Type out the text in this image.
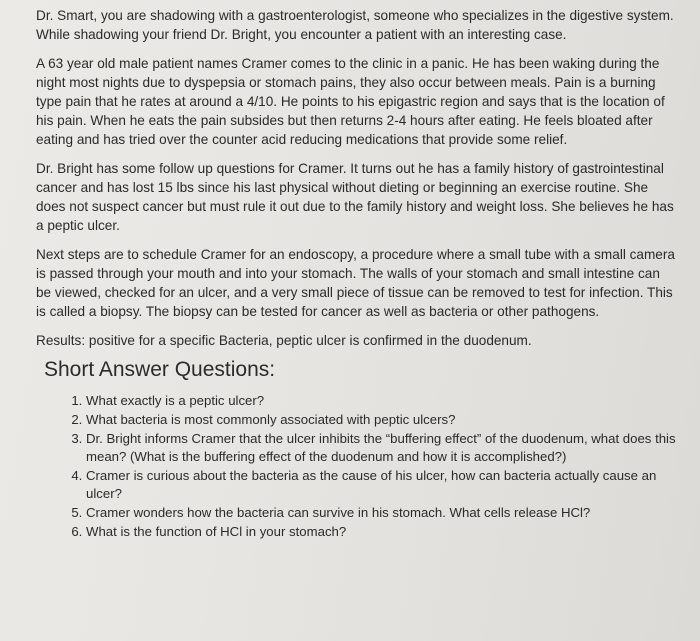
Dr. Smart, you are shadowing with a gastroenterologist, someone who specializes in the digestive system. While shadowing your friend Dr. Bright, you encounter a patient with an interesting case.

A 63 year old male patient names Cramer comes to the clinic in a panic. He has been waking during the night most nights due to dyspepsia or stomach pains, they also occur between meals. Pain is a burning type pain that he rates at around a 4/10. He points to his epigastric region and says that is the location of his pain. When he eats the pain subsides but then returns 2-4 hours after eating. He feels bloated after eating and has tried over the counter acid reducing medications that provide some relief.

Dr. Bright has some follow up questions for Cramer. It turns out he has a family history of gastrointestinal cancer and has lost 15 lbs since his last physical without dieting or beginning an exercise routine. She does not suspect cancer but must rule it out due to the family history and weight loss. She believes he has a peptic ulcer.

Next steps are to schedule Cramer for an endoscopy, a procedure where a small tube with a small camera is passed through your mouth and into your stomach. The walls of your stomach and small intestine can be viewed, checked for an ulcer, and a very small piece of tissue can be removed to test for infection. This is called a biopsy. The biopsy can be tested for cancer as well as bacteria or other pathogens.

Results: positive for a specific Bacteria, peptic ulcer is confirmed in the duodenum.

Short Answer Questions:
1. What exactly is a peptic ulcer?
2. What bacteria is most commonly associated with peptic ulcers?
3. Dr. Bright informs Cramer that the ulcer inhibits the “buffering effect” of the duodenum, what does this mean? (What is the buffering effect of the duodenum and how it is accomplished?)
4. Cramer is curious about the bacteria as the cause of his ulcer, how can bacteria actually cause an ulcer?
5. Cramer wonders how the bacteria can survive in his stomach. What cells release HCl?
6. What is the function of HCl in your stomach?
